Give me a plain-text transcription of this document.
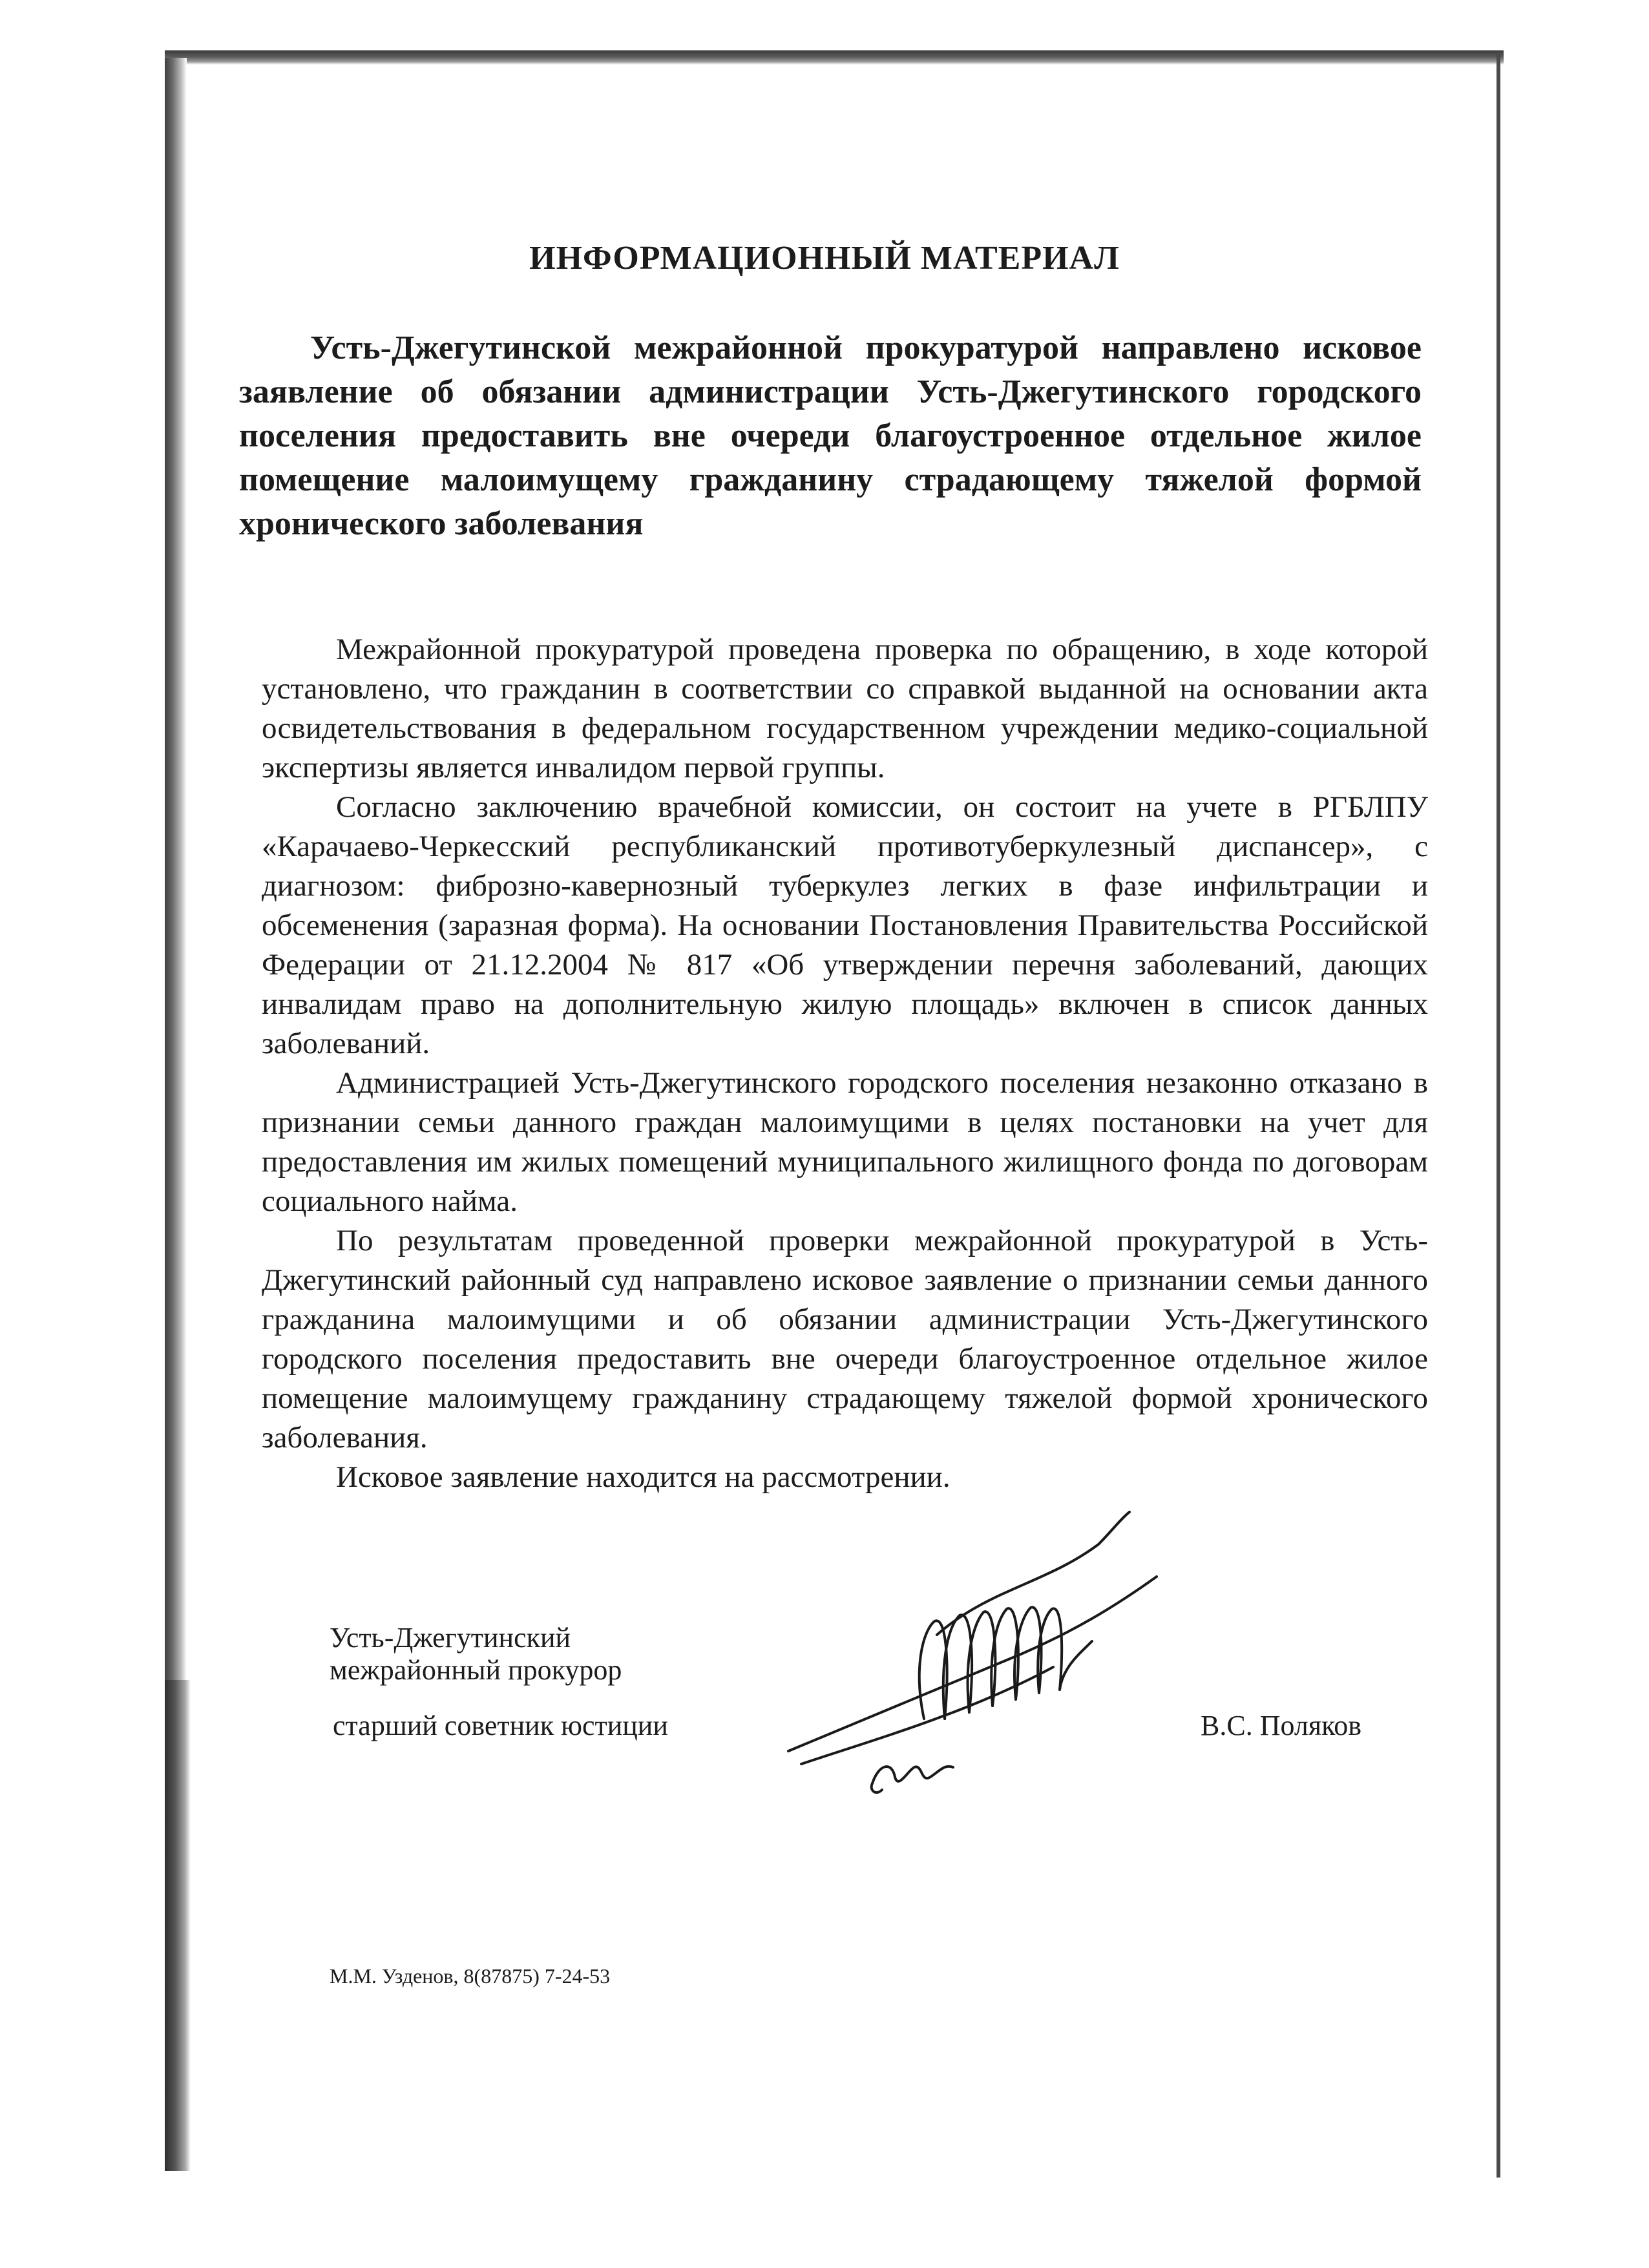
ИНФОРМАЦИОННЫЙ МАТЕРИАЛ
Усть-Джегутинской межрайонной прокуратурой направлено исковое заявление об обязании администрации Усть-Джегутинского городского поселения предоставить вне очереди благоустроенное отдельное жилое помещение малоимущему гражданину страдающему тяжелой формой хронического заболевания

Межрайонной прокуратурой проведена проверка по обращению, в ходе которой установлено, что гражданин в соответствии со справкой выданной на основании акта освидетельствования в федеральном государственном учреждении медико-социальной экспертизы является инвалидом первой группы.

Согласно заключению врачебной комиссии, он состоит на учете в РГБЛПУ «Карачаево-Черкесский республиканский противотуберкулезный диспансер», с диагнозом: фиброзно-кавернозный туберкулез легких в фазе инфильтрации и обсеменения (заразная форма). На основании Постановления Правительства Российской Федерации от 21.12.2004 № 817 «Об утверждении перечня заболеваний, дающих инвалидам право на дополнительную жилую площадь» включен в список данных заболеваний.

Администрацией Усть-Джегутинского городского поселения незаконно отказано в признании семьи данного граждан малоимущими в целях постановки на учет для предоставления им жилых помещений муниципального жилищного фонда по договорам социального найма.

По результатам проведенной проверки межрайонной прокуратурой в Усть-Джегутинский районный суд направлено исковое заявление о признании семьи данного гражданина малоимущими и об обязании администрации Усть-Джегутинского городского поселения предоставить вне очереди благоустроенное отдельное жилое помещение малоимущему гражданину страдающему тяжелой формой хронического заболевания.

Исковое заявление находится на рассмотрении.

Усть-Джегутинский
межрайонный прокурор
старший советник юстиции	В.С. Поляков
М.М. Узденов, 8(87875) 7-24-53
